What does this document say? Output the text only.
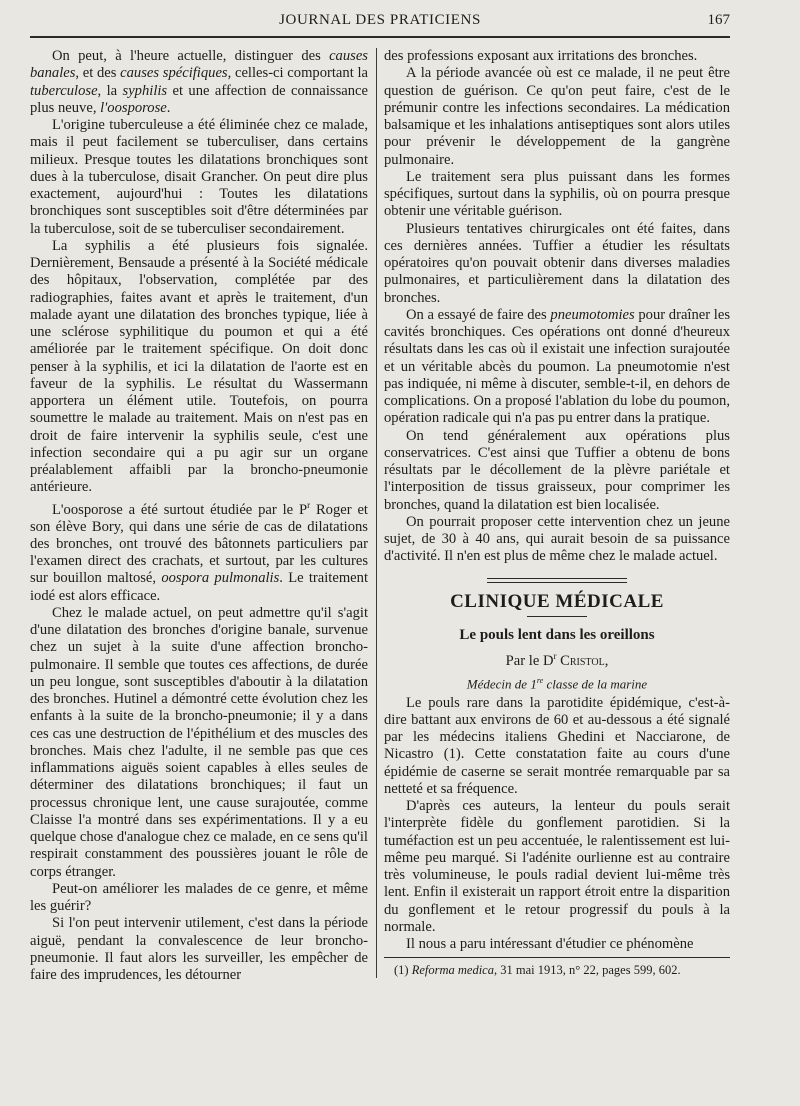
JOURNAL DES PRATICIENS	167

On peut, à l'heure actuelle, distinguer des causes banales, et des causes spécifiques, celles-ci comportant la tuberculose, la syphilis et une affection de connaissance plus neuve, l'oosporose.

L'origine tuberculeuse a été éliminée chez ce malade, mais il peut facilement se tuberculiser, dans certains milieux. Presque toutes les dilatations bronchiques sont dues à la tuberculose, disait Grancher. On peut dire plus exactement, aujourd'hui : Toutes les dilatations bronchiques sont susceptibles soit d'être déterminées par la tuberculose, soit de se tuberculiser secondairement.

La syphilis a été plusieurs fois signalée. Dernièrement, Bensaude a présenté à la Société médicale des hôpitaux, l'observation, complétée par des radiographies, faites avant et après le traitement, d'un malade ayant une dilatation des bronches typique, liée à une sclérose syphilitique du poumon et qui a été améliorée par le traitement spécifique. On doit donc penser à la syphilis, et ici la dilatation de l'aorte est en faveur de la syphilis. Le résultat du Wassermann apportera un élément utile. Toutefois, on pourra soumettre le malade au traitement. Mais on n'est pas en droit de faire intervenir la syphilis seule, c'est une infection secondaire qui a pu agir sur un organe préalablement affaibli par la broncho-pneumonie antérieure.

L'oosporose a été surtout étudiée par le $P^r$ Roger et son élève Bory, qui dans une série de cas de dilatations des bronches, ont trouvé des bâtonnets particuliers par l'examen direct des crachats, et surtout, par les cultures sur bouillon maltosé, oospora pulmonalis. Le traitement iodé est alors efficace.

Chez le malade actuel, on peut admettre qu'il s'agit d'une dilatation des bronches d'origine banale, survenue chez un sujet à la suite d'une affection broncho-pulmonaire. Il semble que toutes ces affections, de durée un peu longue, sont susceptibles d'aboutir à la dilatation des bronches. Hutinel a démontré cette évolution chez les enfants à la suite de la broncho-pneumonie; il y a dans ces cas une destruction de l'épithélium et des muscles des bronches. Mais chez l'adulte, il ne semble pas que ces inflammations aiguës soient capables à elles seules de déterminer des dilatations bronchiques; il faut un processus chronique lent, une cause surajoutée, comme Claisse l'a montré dans ses expérimentations. Il y a eu quelque chose d'analogue chez ce malade, en ce sens qu'il respirait constamment des poussières jouant le rôle de corps étranger.

Peut-on améliorer les malades de ce genre, et même les guérir?

Si l'on peut intervenir utilement, c'est dans la période aiguë, pendant la convalescence de leur broncho-pneumonie. Il faut alors les surveiller, les empêcher de faire des imprudences, les détourner

des professions exposant aux irritations des bronches.

A la période avancée où est ce malade, il ne peut être question de guérison. Ce qu'on peut faire, c'est de le prémunir contre les infections secondaires. La médication balsamique et les inhalations antiseptiques sont alors utiles pour prévenir le développement de la gangrène pulmonaire.

Le traitement sera plus puissant dans les formes spécifiques, surtout dans la syphilis, où on pourra presque obtenir une véritable guérison.

Plusieurs tentatives chirurgicales ont été faites, dans ces dernières années. Tuffier a étudier les résultats opératoires qu'on pouvait obtenir dans diverses maladies pulmonaires, et particulièrement dans la dilatation des bronches.

On a essayé de faire des pneumotomies pour draîner les cavités bronchiques. Ces opérations ont donné d'heureux résultats dans les cas où il existait une infection surajoutée et un véritable abcès du poumon. La pneumotomie n'est pas indiquée, ni même à discuter, semble-t-il, en dehors de complications. On a proposé l'ablation du lobe du poumon, opération radicale qui n'a pas pu entrer dans la pratique.

On tend généralement aux opérations plus conservatrices. C'est ainsi que Tuffier a obtenu de bons résultats par le décollement de la plèvre pariétale et l'interposition de tissus graisseux, pour comprimer les bronches, quand la dilatation est bien localisée.

On pourrait proposer cette intervention chez un jeune sujet, de 30 à 40 ans, qui aurait besoin de sa puissance d'activité. Il n'en est plus de même chez le malade actuel.

CLINIQUE MÉDICALE
Le pouls lent dans les oreillons
Par le $D^r$ Cristol,
Médecin de 1re classe de la marine

Le pouls rare dans la parotidite épidémique, c'est-à-dire battant aux environs de 60 et au-dessous a été signalé par les médecins italiens Ghedini et Nacciarone, de Nicastro (1). Cette constatation faite au cours d'une épidémie de caserne se serait montrée remarquable par sa netteté et sa fréquence.

D'après ces auteurs, la lenteur du pouls serait l'interprète fidèle du gonflement parotidien. Si la tuméfaction est un peu accentuée, le ralentissement est lui-même peu marqué. Si l'adénite ourlienne est au contraire très volumineuse, le pouls radial devient lui-même très lent. Enfin il existerait un rapport étroit entre la disparition du gonflement et le retour progressif du pouls à la normale.

Il nous a paru intéressant d'étudier ce phénomène

(1) Reforma medica, 31 mai 1913, n° 22, pages 599, 602.
